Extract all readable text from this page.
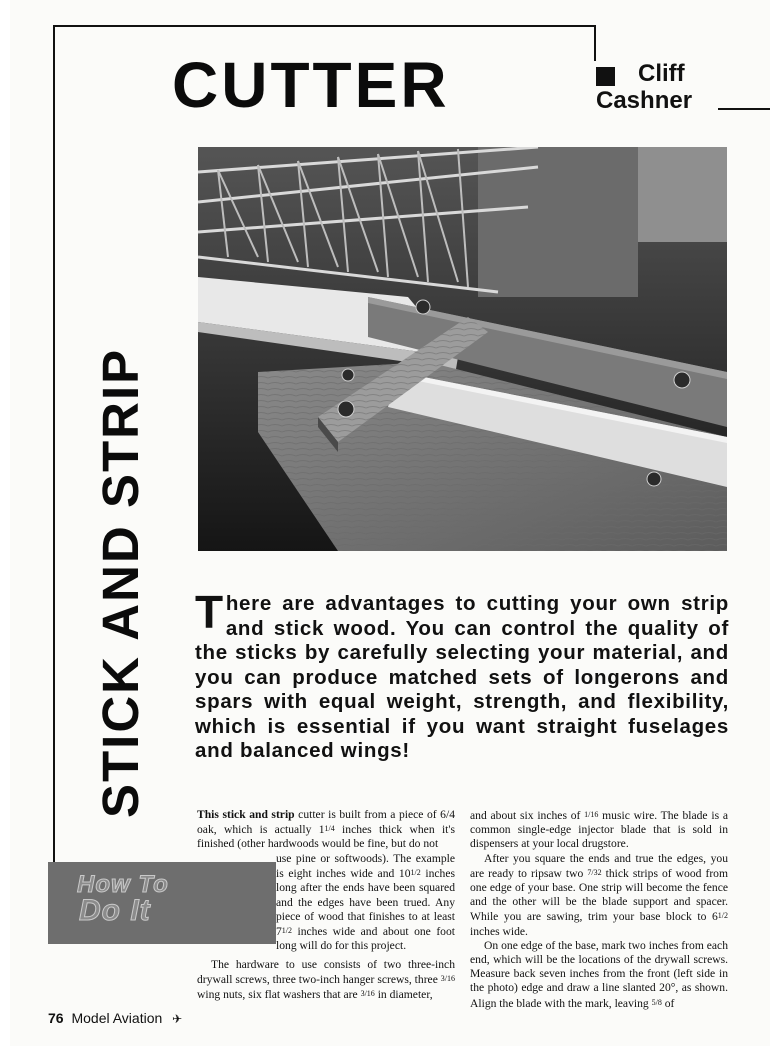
STICK AND STRIP
CUTTER	Cliff
Cashner
T here are advantages to cutting your own strip and stick wood. You can control the quality of the sticks by carefully selecting your material, and you can produce matched sets of longerons and spars with equal weight, strength, and flexibility, which is essential if you want straight fuselages and balanced wings!

This stick and strip cutter is built from a piece of 6/4 oak, which is actually 11/4 inches thick when it's finished (other hardwoods would be fine, but do not

use pine or softwoods). The example is eight inches wide and 101/2 inches long after the ends have been squared and the edges have been trued. Any piece of wood that finishes to at least 71/2 inches wide and about one foot long will do for this project.

The hardware to use consists of two three-inch drywall screws, three two-inch hanger screws, three 3/16 wing nuts, six flat washers that are 3/16 in diameter,

and about six inches of 1/16 music wire. The blade is a common single-edge injector blade that is sold in dispensers at your local drugstore.

After you square the ends and true the edges, you are ready to ripsaw two 7/32 thick strips of wood from one edge of your base. One strip will become the fence and the other will be the blade support and spacer. While you are sawing, trim your base block to 61/2 inches wide.

On one edge of the base, mark two inches from each end, which will be the locations of the drywall screws. Measure back seven inches from the front (left side in the photo) edge and draw a line slanted 20°, as shown. Align the blade with the mark, leaving 5/8 of

How To
Do It
76 Model Aviation ✈
